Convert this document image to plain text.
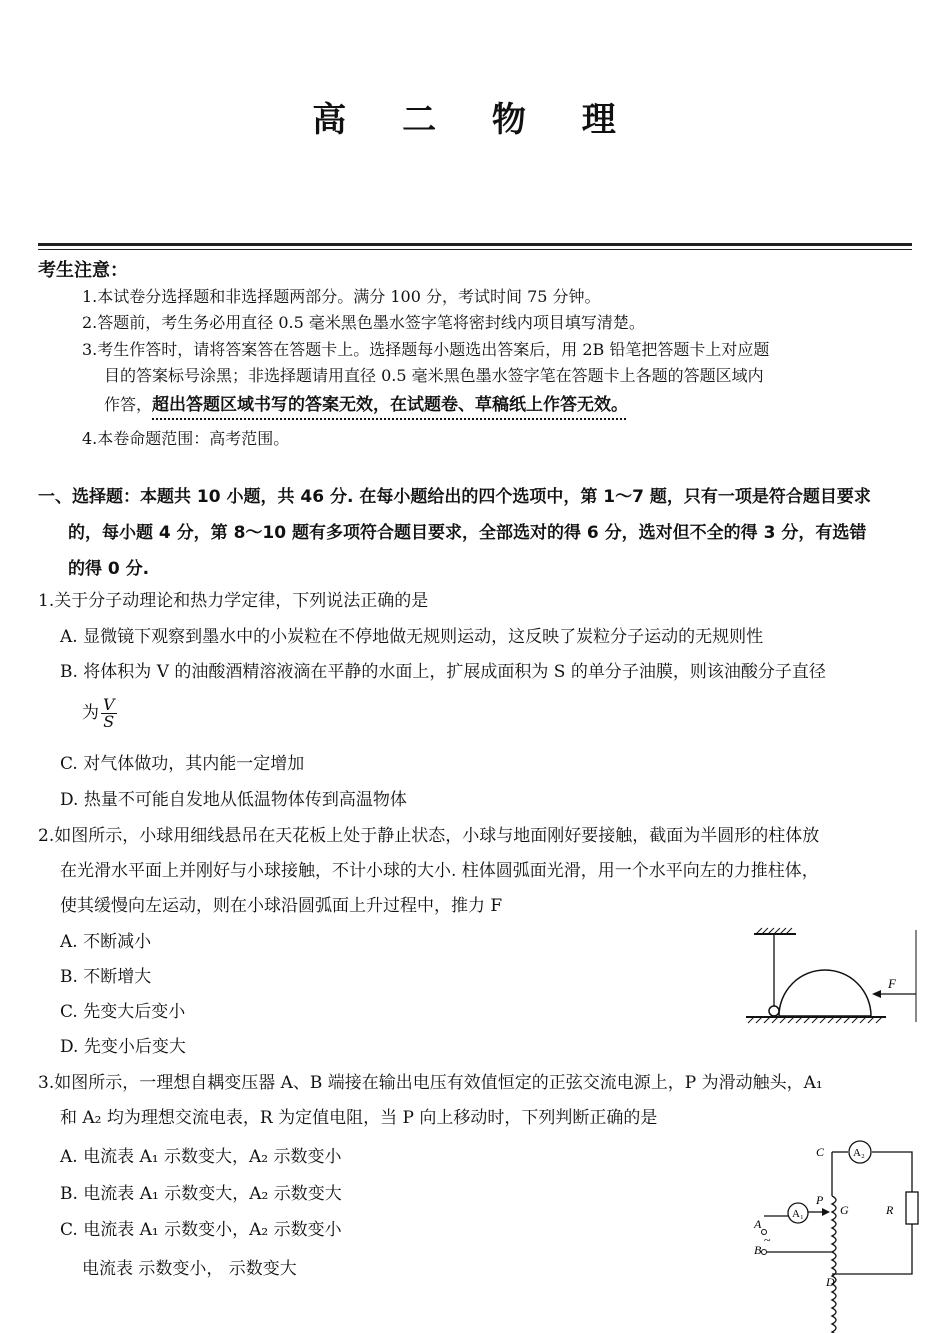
高 二 物 理
考生注意：
1.本试卷分选择题和非选择题两部分。满分 100 分，考试时间 75 分钟。
2.答题前，考生务必用直径 0.5 毫米黑色墨水签字笔将密封线内项目填写清楚。
3.考生作答时，请将答案答在答题卡上。选择题每小题选出答案后，用 2B 铅笔把答题卡上对应题
目的答案标号涂黑；非选择题请用直径 0.5 毫米黑色墨水签字笔在答题卡上各题的答题区域内
作答，超出答题区域书写的答案无效，在试题卷、草稿纸上作答无效。
4.本卷命题范围：高考范围。
一、选择题：本题共 10 小题，共 46 分. 在每小题给出的四个选项中，第 1～7 题，只有一项是符合题目要求
的，每小题 4 分，第 8～10 题有多项符合题目要求，全部选对的得 6 分，选对但不全的得 3 分，有选错
的得 0 分.
1.关于分子动理论和热力学定律，下列说法正确的是
A. 显微镜下观察到墨水中的小炭粒在不停地做无规则运动，这反映了炭粒分子运动的无规则性
B. 将体积为 V 的油酸酒精溶液滴在平静的水面上，扩展成面积为 S 的单分子油膜，则该油酸分子直径
为 $\frac{V}{S}$
C. 对气体做功，其内能一定增加
D. 热量不可能自发地从低温物体传到高温物体
2.如图所示，小球用细线悬吊在天花板上处于静止状态，小球与地面刚好要接触，截面为半圆形的柱体放
在光滑水平面上并刚好与小球接触，不计小球的大小. 柱体圆弧面光滑，用一个水平向左的力推柱体，
使其缓慢向左运动，则在小球沿圆弧面上升过程中，推力 F
A. 不断减小
B. 不断增大
C. 先变大后变小
D. 先变小后变大
F
3.如图所示，一理想自耦变压器 A、B 端接在输出电压有效值恒定的正弦交流电源上，P 为滑动触头，A₁
和 A₂ 均为理想交流电表，R 为定值电阻，当 P 向上移动时，下列判断正确的是
A. 电流表 A₁ 示数变大，A₂ 示数变小
B. 电流表 A₁ 示数变大，A₂ 示数变大
C. 电流表 A₁ 示数变小，A₂ 示数变小
电流表 示数变小， 示数变大
A₂
A₁
C
P
G	R
A
B
~
D
